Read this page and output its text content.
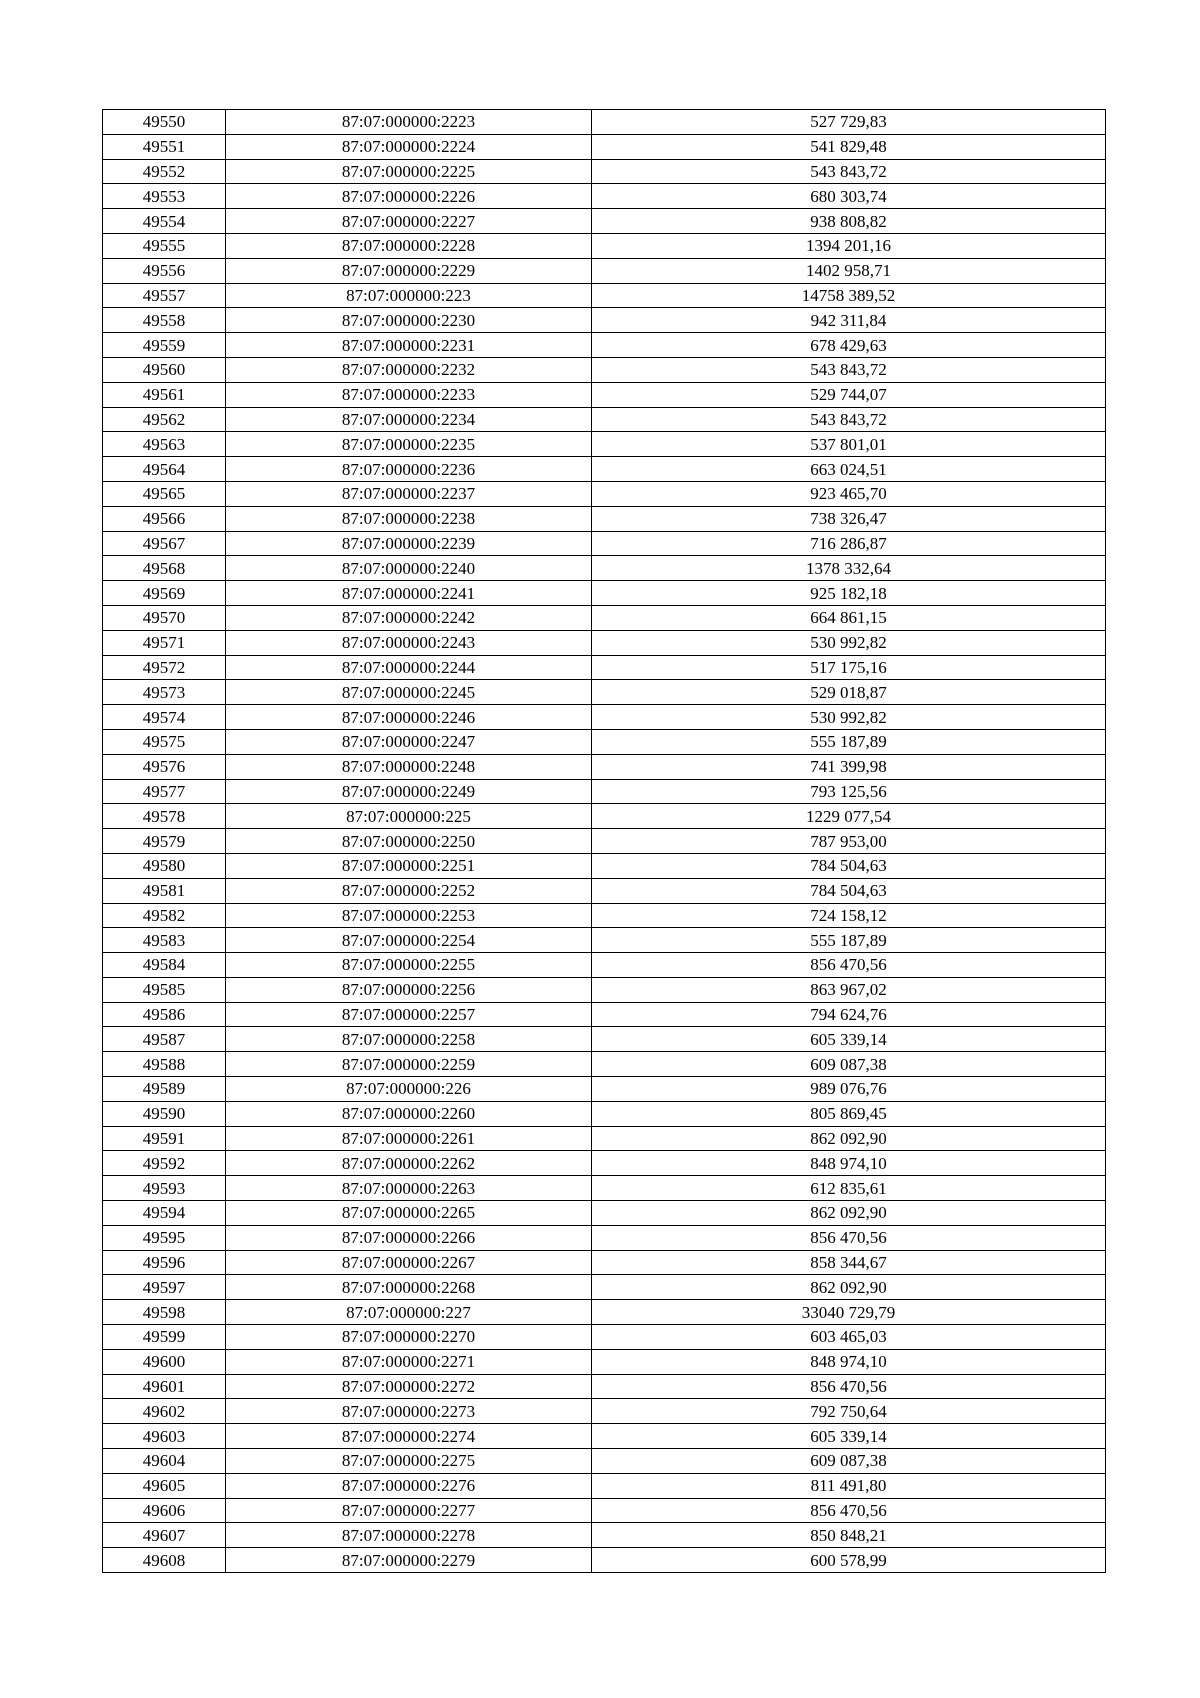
49550	87:07:000000:2223	527 729,83
49551	87:07:000000:2224	541 829,48
49552	87:07:000000:2225	543 843,72
49553	87:07:000000:2226	680 303,74
49554	87:07:000000:2227	938 808,82
49555	87:07:000000:2228	1394 201,16
49556	87:07:000000:2229	1402 958,71
49557	87:07:000000:223	14758 389,52
49558	87:07:000000:2230	942 311,84
49559	87:07:000000:2231	678 429,63
49560	87:07:000000:2232	543 843,72
49561	87:07:000000:2233	529 744,07
49562	87:07:000000:2234	543 843,72
49563	87:07:000000:2235	537 801,01
49564	87:07:000000:2236	663 024,51
49565	87:07:000000:2237	923 465,70
49566	87:07:000000:2238	738 326,47
49567	87:07:000000:2239	716 286,87
49568	87:07:000000:2240	1378 332,64
49569	87:07:000000:2241	925 182,18
49570	87:07:000000:2242	664 861,15
49571	87:07:000000:2243	530 992,82
49572	87:07:000000:2244	517 175,16
49573	87:07:000000:2245	529 018,87
49574	87:07:000000:2246	530 992,82
49575	87:07:000000:2247	555 187,89
49576	87:07:000000:2248	741 399,98
49577	87:07:000000:2249	793 125,56
49578	87:07:000000:225	1229 077,54
49579	87:07:000000:2250	787 953,00
49580	87:07:000000:2251	784 504,63
49581	87:07:000000:2252	784 504,63
49582	87:07:000000:2253	724 158,12
49583	87:07:000000:2254	555 187,89
49584	87:07:000000:2255	856 470,56
49585	87:07:000000:2256	863 967,02
49586	87:07:000000:2257	794 624,76
49587	87:07:000000:2258	605 339,14
49588	87:07:000000:2259	609 087,38
49589	87:07:000000:226	989 076,76
49590	87:07:000000:2260	805 869,45
49591	87:07:000000:2261	862 092,90
49592	87:07:000000:2262	848 974,10
49593	87:07:000000:2263	612 835,61
49594	87:07:000000:2265	862 092,90
49595	87:07:000000:2266	856 470,56
49596	87:07:000000:2267	858 344,67
49597	87:07:000000:2268	862 092,90
49598	87:07:000000:227	33040 729,79
49599	87:07:000000:2270	603 465,03
49600	87:07:000000:2271	848 974,10
49601	87:07:000000:2272	856 470,56
49602	87:07:000000:2273	792 750,64
49603	87:07:000000:2274	605 339,14
49604	87:07:000000:2275	609 087,38
49605	87:07:000000:2276	811 491,80
49606	87:07:000000:2277	856 470,56
49607	87:07:000000:2278	850 848,21
49608	87:07:000000:2279	600 578,99
